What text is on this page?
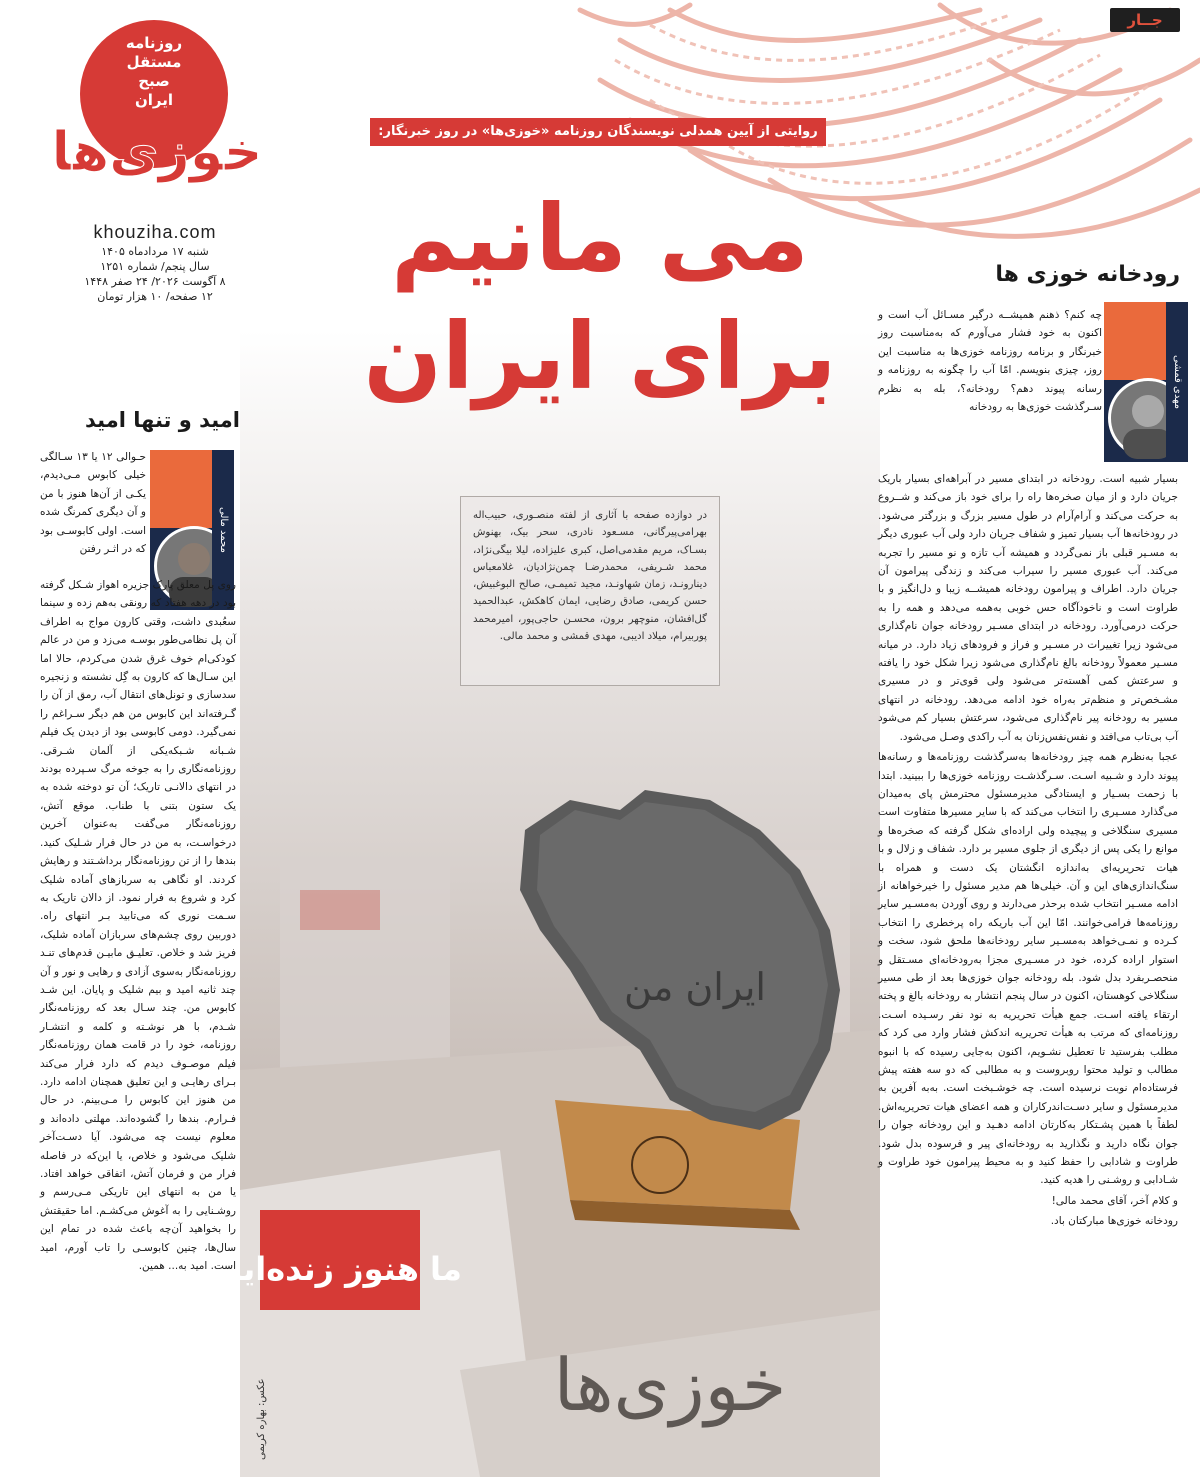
ایران من
ما هنوز زنده‌ایم
خوزی‌ها
عکس: بهاره کریمی
جــار
روزنامه
مستقل
صبح
ایران
خوزی‌ها
khouziha.com
شنبه ۱۷ مرداد‌ماه ۱۴۰۵
سال پنجم/ شماره ۱۲۵۱
۸ آگوست ۲۰۲۶/ ۲۴ صفر ۱۴۴۸
۱۲ صفحه/ ۱۰ هزار تومان
روایتی از آیین همدلی نویسندگان روزنامه «خوزی‌ها» در روز خبرنگار:
می مانیم
برای ایران
در دوازده صفحه با آثاری از لفته منصـوری، حبیب‌اله بهرامی‌پیرگانی، مسـعود نادری، سحر بیک، بهنوش بسـاک، مریم مقدمی‌اصل، کبری علیزاده، لیلا بیگی‌نژاد، محمد شـریفی، محمدرضـا چمن‌نژادیان، غلامعباس دینارونـد، زمان شهاونـد، مجید تمیمـی، صالح البوغبیش، حسن کریمی، صادق رضایی، ایمان کاهکش، عبدالحمید گل‌افشان، منوچهر برون، محسـن حاجی‌پور، امیرمحمد پوربیرام، میلاد ادیبی، مهدی قمشی و محمد مالی.
رودخانه خوزی ها
مهدی قمشی
چه کنم؟ ذهنم همیشــه درگیر مسـائل آب است و اکنون به خود فشار می‌آورم که به‌مناسبت روز خبرنگار و برنامه روزنامه خوزی‌ها به مناسبت این روز، چیزی بنویسم. امّا آب را چگونه به روزنامه و رسانه پیوند دهم؟ رودخانه؟، بله به نظرم سـرگذشت خوزی‌ها به رودخانه

بسیار شبیه است. رودخانه در ابتدای مسیر در آبراهه‌ای بسیار باریک جریان دارد و از میان صخره‌ها راه را برای خود باز می‌کند و شــروع به حرکت می‌کند و آرام‌آرام در طول مسیر بزرگ و بزرگتر می‌شود. در رودخانه‌ها آب بسیار تمیز و شفاف جریان دارد ولی آب عبوری دیگر به مسـیر قبلی باز نمی‌گردد و همیشه آب تازه و نو مسیر را تجربه می‌کند. آب عبوری مسیر را سیراب می‌کند و زندگی پیرامون آن جریان دارد. اطراف و پیرامون رودخانه همیشــه زیبا و دل‌انگیز و با طراوت است و ناخودآگاه حس خوبی به‌همه می‌دهد و همه را به حرکت درمی‌آورد. رودخانه در ابتدای مسـیر رودخانه جوان نام‌گذاری می‌شود زیرا تغییرات در مسـیر و فراز و فرودهای زیاد دارد. در میانه مسـیر معمولاً رودخانه بالغ نام‌گذاری می‌شود زیرا شکل خود را یافته و سرعتش کمی آهسته‌تر می‌شود ولی قوی‌تر و در مسیری مشـخص‌تر و منظم‌تر به‌راه خود ادامه می‌دهد. رودخانه در انتهای مسیر به رودخانه پیر نام‌گذاری می‌شود، سرعتش بسیار کم می‌شود آب بی‌تاب می‌افتد و نفس‌نفس‌زنان به آب راکدی وصـل می‌شود.

عجبا به‌نظرم همه چیز رودخانه‌ها به‌سرگذشت روزنامه‌ها و رسانه‌ها پیوند دارد و شـبیه اسـت. سـرگذشـت روزنامه خوزی‌ها را ببینید. ابتدا با زحمت بسـیار و ایستادگی مدیرمسئول محترمش پای به‌میدان می‌گذارد مسـیری را انتخاب می‌کند که با سایر مسیرها متفاوت است مسیری سنگلاخی و پیچیده ولی اراده‌ای شکل گرفته که صخره‌ها و موانع را یکی پس از دیگری از جلوی مسیر بر دارد. شفاف و زلال و با هیات تحریریه‌ای به‌اندازه انگشتان یک دست و همراه با سنگ‌اندازی‌های این و آن. خیلی‌ها هم مدیر مسئول را خیرخواهانه از ادامه مسـیر انتخاب شده برحذر می‌دارند و روی آوردن به‌مسـیر سایر روزنامه‌ها فرامی‌خوانند. امّا این آب باریکه راه پرخطری را انتخاب کـرده و نمـی‌خواهد به‌مسـیر سایر رودخانه‌ها ملحق شود، سخت و استوار اراده کرده، خود در مسـیری مجزا به‌رودخانه‌ای مسـتقل و منحصـربفرد بدل شود. بله رودخانه جوان خوزی‌ها بعد از طی مسیر سنگلاخی کوهستان، اکنون در سال پنجم انتشار به رودخانه بالغ و پخته ارتقاء یافته اسـت. جمع هیأت تحریریه به نود نفر رسـیده اسـت. روزنامه‌ای که مرتب به هیأت تحریریه اندکش فشار وارد می کرد که مطلب بفرستید تا تعطیل نشـویم، اکنون به‌جایی رسیده که با انبوه مطالب و تولید محتوا روبروست و به مطالبی که دو سه هفته پیش فرستاده‌ام نوبت نرسیده است. چه خوشـبخت است. به‌به آفرین به مدیرمسئول و سایر دسـت‌اندرکاران و همه اعضای هیات تحریریه‌اش. لطفاً با همین پشـتکار به‌کارتان ادامه دهـید و این رودخانه جوان را جوان نگاه دارید و نگذارید به رودخانه‌ای پیر و فرسوده بدل شود. طراوت و شادابی را حفظ کنید و به محیط پیرامون خود طراوت و شـادابی و روشـنی را هدیه کنید.

و کلام آخر، آقای محمد مالی!

رودخانه خوزی‌ها مبارکتان باد.

امید و تنها امید
محمد مالی
حـوالی ۱۲ یا ۱۳ سـالگی خیلی کابوس مـی‌دیدم، یکـی از آن‌ها هنوز با من و آن دیگری کمرنگ شده است. اولی کابوسـی بود که در اثـر رفتن

روی پل معلق پارک جزیره اهواز شـکل گرفته بود در دهه هفتاد که رونقی به‌هم زده و سینما سعُبدی داشت، وقتی کارون مواج به اطراف آن پل نظامی‌طور بوسـه می‌زد و من در عالم کودکی‌ام خوف غرق شدن می‌کردم، حالا اما این سـال‌ها که کارون به گِل نشسته و زنجیره سدسازی و تونل‌های انتقال آب، رمق از آن را گـرفته‌اند این کابوس من هم دیگر سـراغم را نمی‌گیرد. دومی کابوسی بود از دیدن یک فیلم شـبانه شـبکه‌یکی از آلمان شـرقی. روزنامه‌نگاری را به جوخه مرگ سـپرده بودند در انتهای دالانـی تاریک؛ آن تو دوخته شده به یک ستون بتنی با طناب. موقع آتش، روزنامه‌نگار می‌گفت به‌عنوان آخرین درخواسـت، به من در حال فرار شـلیک کنید. بندها را از تن روزنامه‌نگار برداشـتند و رهایش کردند. او نگاهی به سربازهای آماده شلیک کرد و شروع به فرار نمود. از دالان تاریک به سـمت نوری که می‌تابید بـر انتهای راه. دوربین روی چشم‌های سربازان آماده شلیک، فریز شد و خلاص. تعلیـق مابیـن قدم‌های تنـد روزنامه‌نگار به‌سوی آزادی و رهایی و نور و آن چند ثانیه امید و بیم شلیک و پایان. این شـد کابوس من. چند سـال بعد که روزنامه‌نگار شـدم، با هر نوشـته و کلمه و انتشـار روزنامه، خود را در قامت همان روزنامه‌نگار فیلم موصـوف دیدم که دارد فرار می‌کند بـرای رهایـی و این تعلیق همچنان ادامه دارد. من هنوز این کابوس را مـی‌بینم. در حال فـرارم. بندها را گشوده‌اند. مهلتی داده‌اند و معلوم نیست چه می‌شود. آیا دسـت‌آخر شلیک می‌شود و خلاص، یا این‌که در فاصله فرار من و فرمان آتش، اتفاقی خواهد افتاد. یا من به انتهای این تاریکی مـی‌رسم و روشـنایی را به آغوش می‌کشـم. اما حقیقتش را بخواهید آن‌چه باعث شده در تمام این سال‌ها، چنین کابوسـی را تاب آورم، امید است. امید به... همین.
